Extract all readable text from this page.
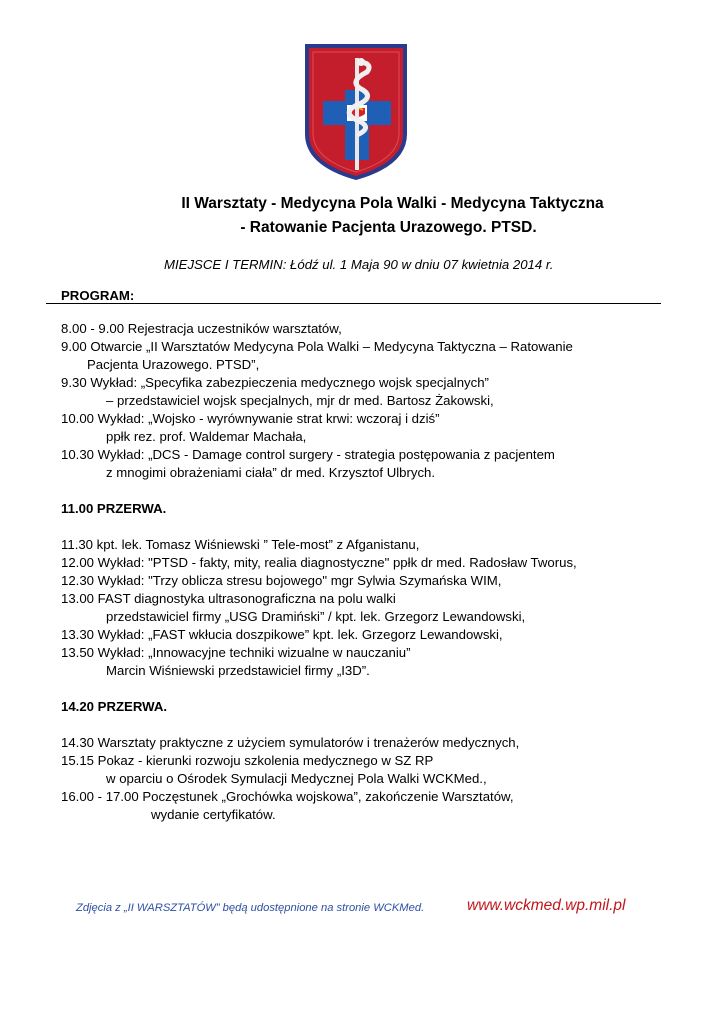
II Warsztaty - Medycyna Pola Walki - Medycyna Taktyczna
- Ratowanie Pacjenta Urazowego. PTSD.
MIEJSCE I TERMIN: Łódź ul. 1 Maja 90 w dniu 07 kwietnia 2014 r.
PROGRAM:
8.00 - 9.00 Rejestracja uczestników warsztatów,
9.00 Otwarcie „II Warsztatów Medycyna Pola Walki – Medycyna Taktyczna – Ratowanie
Pacjenta Urazowego. PTSD”,
9.30 Wykład: „Specyfika zabezpieczenia medycznego wojsk specjalnych”
– przedstawiciel wojsk specjalnych, mjr dr med. Bartosz Żakowski,
10.00 Wykład: „Wojsko - wyrównywanie strat krwi: wczoraj i dziś”
ppłk rez. prof. Waldemar Machała,
10.30 Wykład: „DCS - Damage control surgery - strategia postępowania z pacjentem
z mnogimi obrażeniami ciała” dr med. Krzysztof Ulbrych.
11.00 PRZERWA.
11.30 kpt. lek. Tomasz Wiśniewski ” Tele-most” z Afganistanu,
12.00 Wykład: "PTSD - fakty, mity, realia diagnostyczne" ppłk dr med. Radosław Tworus,
12.30 Wykład: "Trzy oblicza stresu bojowego" mgr Sylwia Szymańska WIM,
13.00 FAST diagnostyka ultrasonograficzna na polu walki
przedstawiciel firmy „USG Dramiński” / kpt. lek. Grzegorz Lewandowski,
13.30 Wykład: „FAST wkłucia doszpikowe” kpt. lek. Grzegorz Lewandowski,
13.50 Wykład: „Innowacyjne techniki wizualne w nauczaniu”
Marcin Wiśniewski przedstawiciel firmy „I3D”.
14.20 PRZERWA.
14.30 Warsztaty praktyczne z użyciem symulatorów i trenażerów medycznych,
15.15 Pokaz - kierunki rozwoju szkolenia medycznego w SZ RP
w oparciu o Ośrodek Symulacji Medycznej Pola Walki WCKMed.,
16.00 - 17.00 Poczęstunek „Grochówka wojskowa”, zakończenie Warsztatów,
wydanie certyfikatów.
Zdjęcia z „II WARSZTATÓW” będą udostępnione na stronie WCKMed.	www.wckmed.wp.mil.pl
